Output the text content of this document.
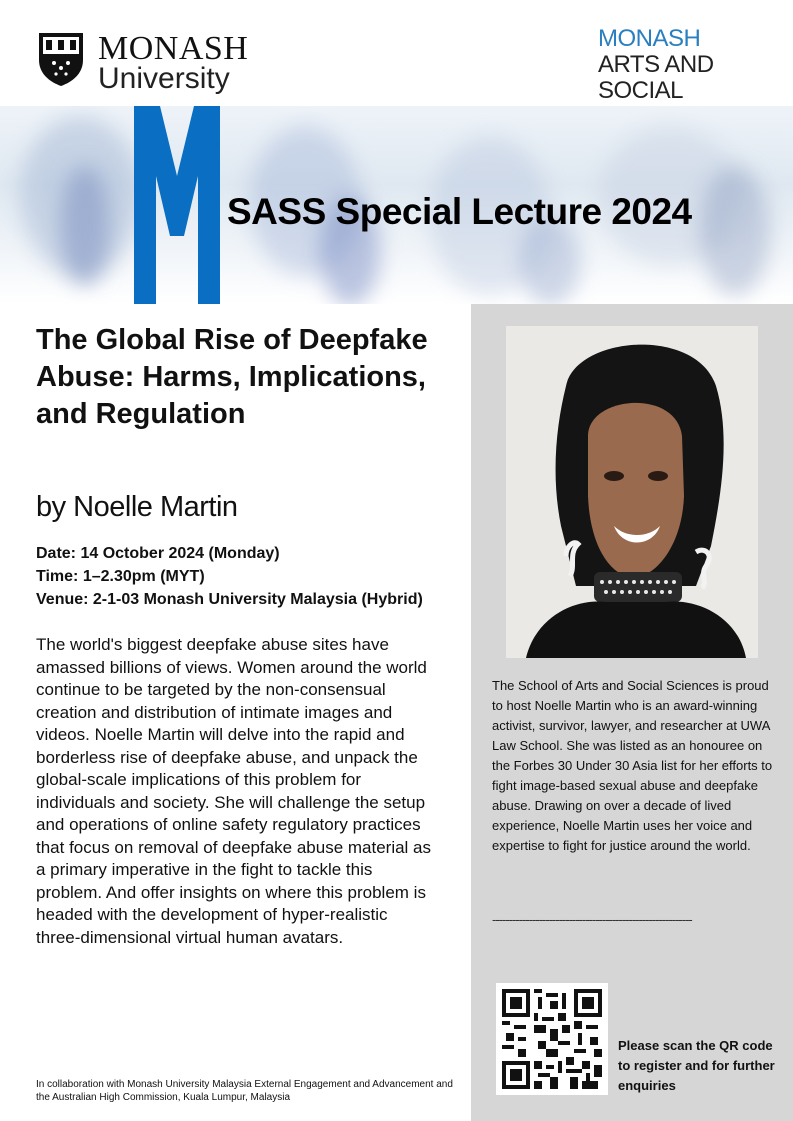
MONASH
University
MONASH
ARTS AND
SOCIAL
SASS Special Lecture 2024
The Global Rise of Deepfake Abuse: Harms, Implications, and Regulation
by Noelle Martin
Date: 14 October 2024 (Monday)
Time: 1–2.30pm (MYT)
Venue: 2-1-03 Monash University Malaysia (Hybrid)
The world's biggest deepfake abuse sites have amassed billions of views. Women around the world continue to be targeted by the non-consensual creation and distribution of intimate images and videos. Noelle Martin will delve into the rapid and borderless rise of deepfake abuse, and unpack the global-scale implications of this problem for individuals and society. She will challenge the setup and operations of online safety regulatory practices that focus on removal of deepfake abuse material as a primary imperative in the fight to tackle this problem. And offer insights on where this problem is headed with the development of hyper-realistic three-dimensional virtual human avatars.
In collaboration with Monash University Malaysia External Engagement and Advancement and the Australian High Commission, Kuala Lumpur, Malaysia
The School of Arts and Social Sciences is proud to host Noelle Martin who is an award-winning activist, survivor, lawyer, and researcher at UWA Law School. She was listed as an honouree on the Forbes 30 Under 30 Asia list for her efforts to fight image-based sexual abuse and deepfake abuse. Drawing on over a decade of lived experience, Noelle Martin uses her voice and expertise to fight for justice around the world.
------------------------------------------------------------
Please scan the QR code to register and for further enquiries
